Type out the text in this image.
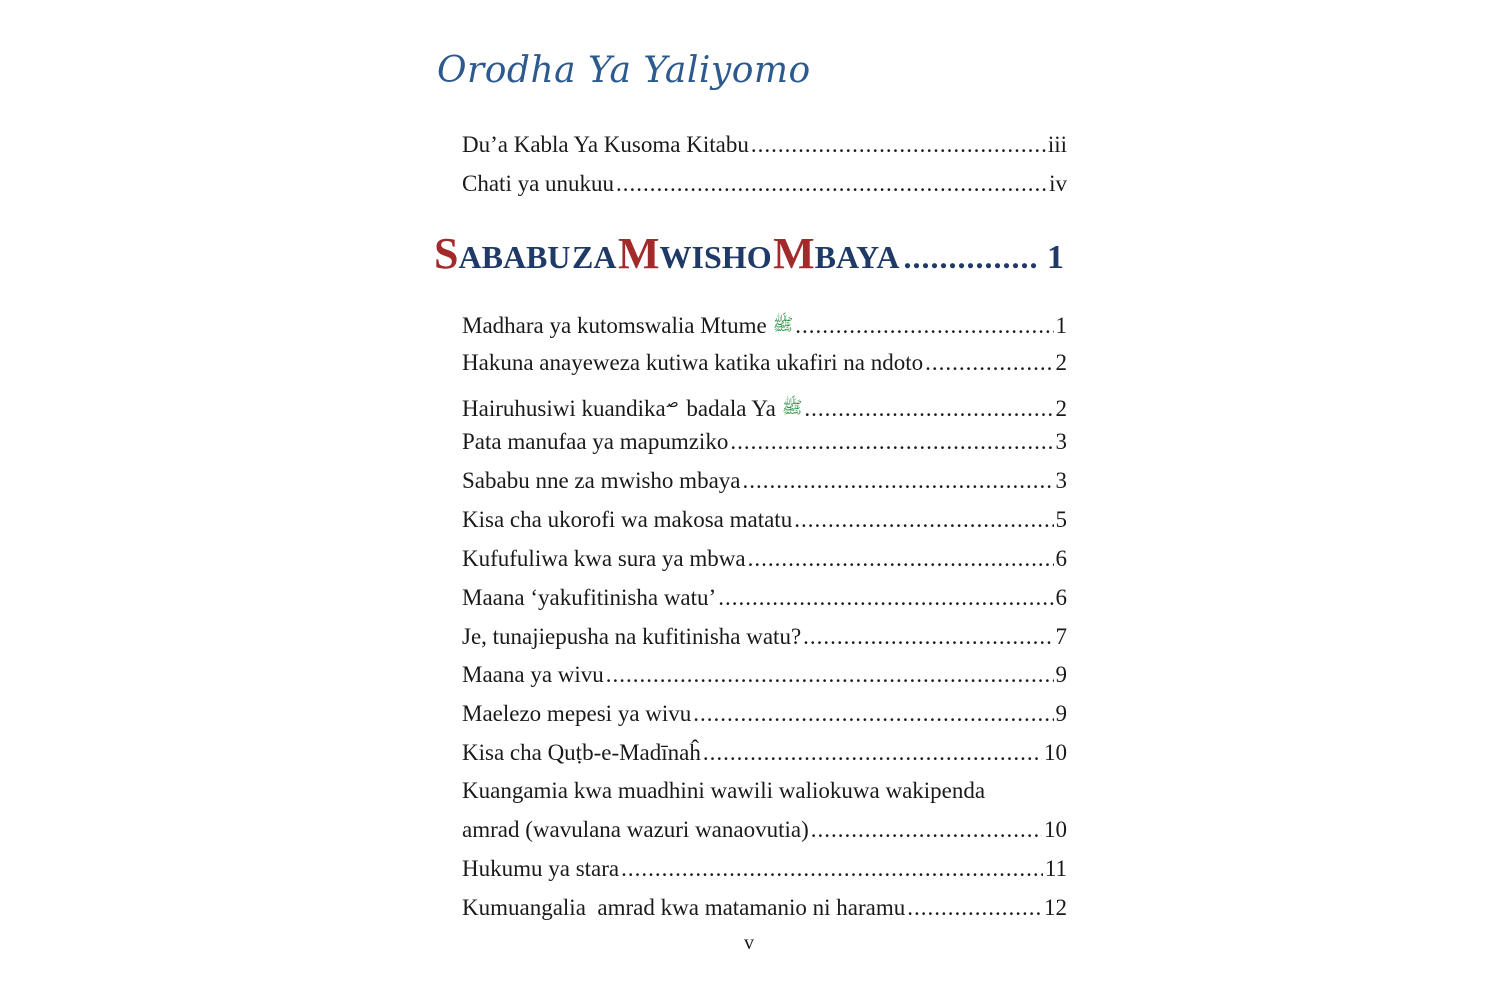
Orodha Ya Yaliyomo
Du’a Kabla Ya Kusoma Kitabu .....	iii
Chati ya unukuu .....	iv
SABABU ZA MWISHO MBAYA .....	1
Madhara ya kutomswalia Mtume ﷺ .....	1
Hakuna anayeweza kutiwa katika ukafiri na ndoto .....	2
Hairuhusiwi kuandikaﺻ badala Ya ﷺ .....	2
Pata manufaa ya mapumziko .....	3
Sababu nne za mwisho mbaya .....	3
Kisa cha ukorofi wa makosa matatu .....	5
Kufufuliwa kwa sura ya mbwa .....	6
Maana ‘yakufitinisha watu’ .....	6
Je, tunajiepusha na kufitinisha watu? .....	7
Maana ya wivu .....	9
Maelezo mepesi ya wivu .....	9
Kisa cha Quṭb-e-Madīnaĥ .....	10
Kuangamia kwa muadhini wawili waliokuwa wakipenda
amrad (wavulana wazuri wanaovutia) .....	10
Hukumu ya stara .....	11
Kumuangalia  amrad kwa matamanio ni haramu .....	12
v
